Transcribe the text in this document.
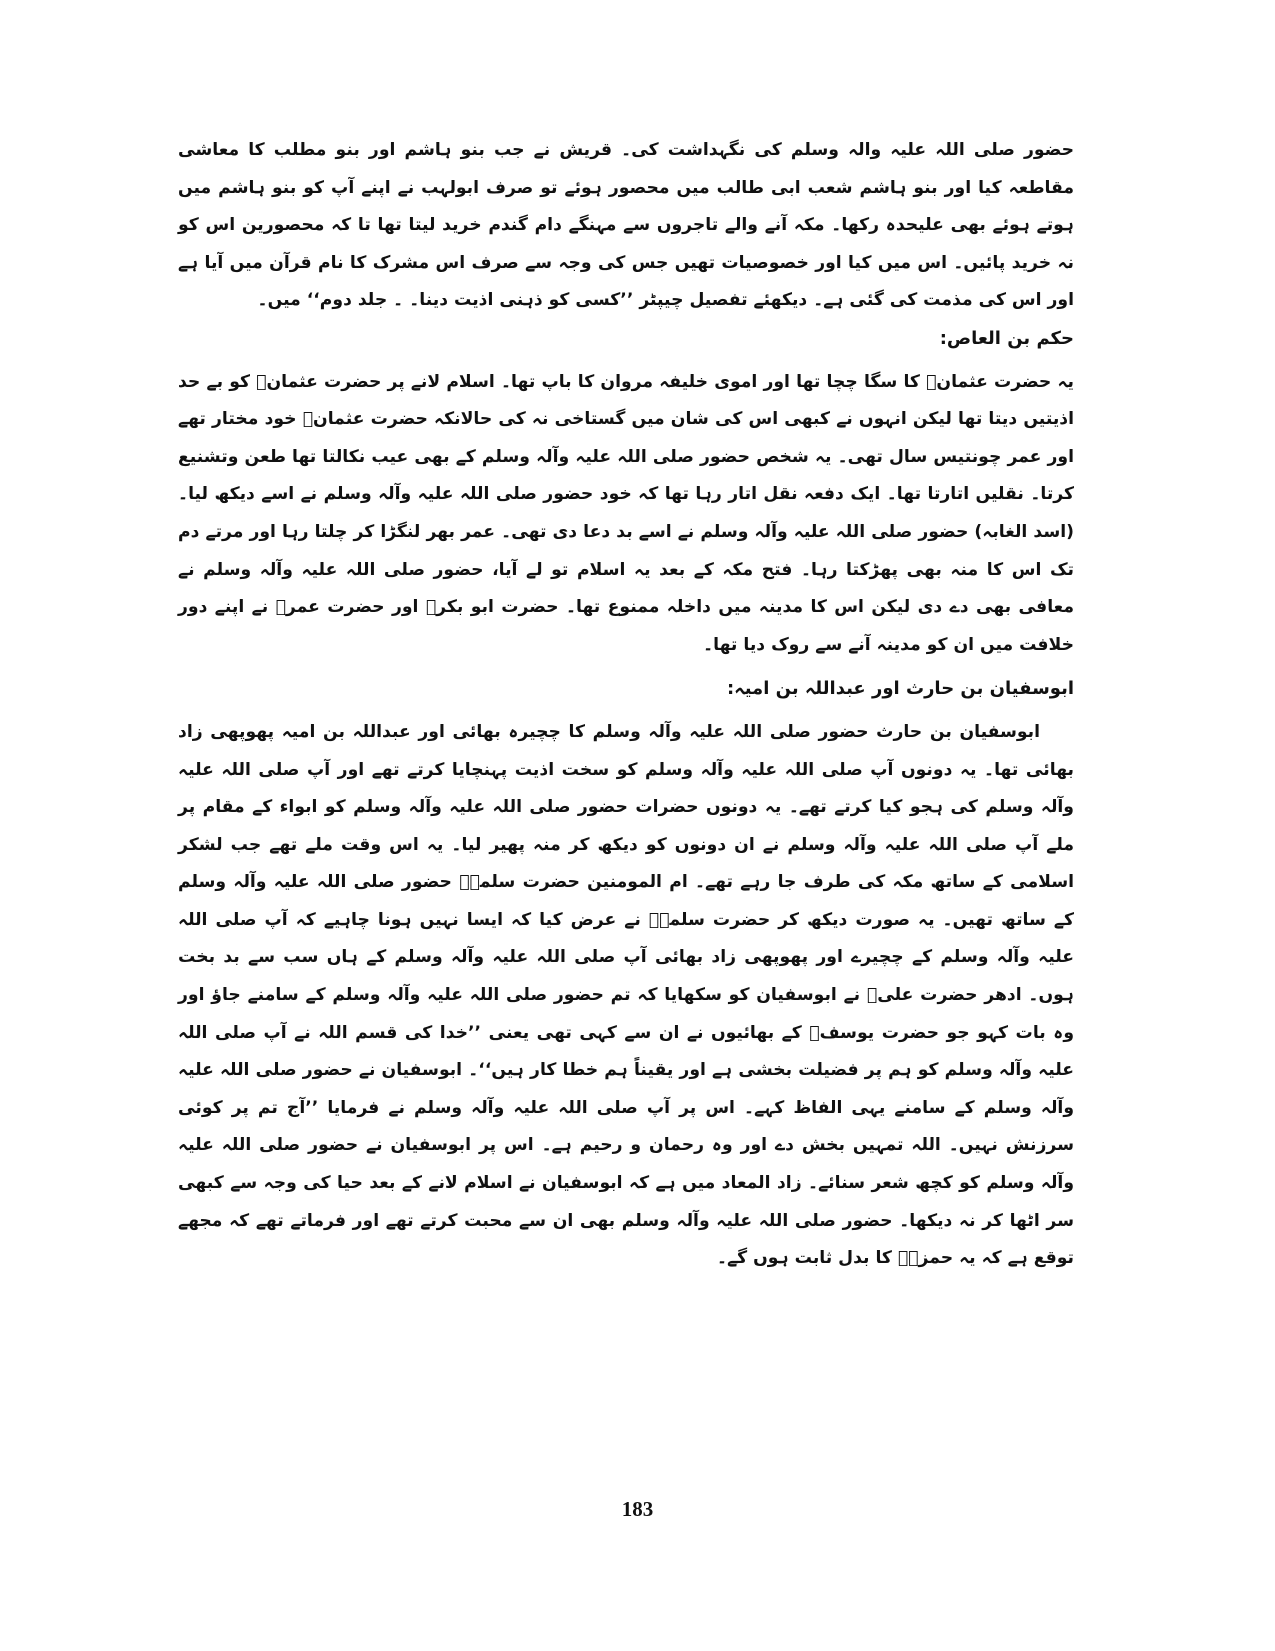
حضور صلی اللہ علیہ والہ وسلم کی نگہداشت کی۔ قریش نے جب بنو ہاشم اور بنو مطلب کا معاشی مقاطعہ کیا اور بنو ہاشم شعب ابی طالب میں محصور ہوئے تو صرف ابولہب نے اپنے آپ کو بنو ہاشم میں ہوتے ہوئے بھی علیحدہ رکھا۔ مکہ آنے والے تاجروں سے مہنگے دام گندم خرید لیتا تھا تا کہ محصورین اس کو نہ خرید پائیں۔ اس میں کیا اور خصوصیات تھیں جس کی وجہ سے صرف اس مشرک کا نام قرآن میں آیا ہے اور اس کی مذمت کی گئی ہے۔ دیکھئے تفصیل چیپٹر ’’کسی کو ذہنی اذیت دینا۔ ۔ جلد دوم‘‘ میں۔

حکم بن العاص:

یہ حضرت عثمانؓ کا سگا چچا تھا اور اموی خلیفہ مروان کا باپ تھا۔ اسلام لانے پر حضرت عثمانؓ کو بے حد اذیتیں دیتا تھا لیکن انہوں نے کبھی اس کی شان میں گستاخی نہ کی حالانکہ حضرت عثمانؓ خود مختار تھے اور عمر چونتیس سال تھی۔ یہ شخص حضور صلی اللہ علیہ وآلہ وسلم کے بھی عیب نکالتا تھا طعن وتشنیع کرتا۔ نقلیں اتارتا تھا۔ ایک دفعہ نقل اتار رہا تھا کہ خود حضور صلی اللہ علیہ وآلہ وسلم نے اسے دیکھ لیا۔ (اسد الغابہ) حضور صلی اللہ علیہ وآلہ وسلم نے اسے بد دعا دی تھی۔ عمر بھر لنگڑا کر چلتا رہا اور مرتے دم تک اس کا منہ بھی پھڑکتا رہا۔ فتح مکہ کے بعد یہ اسلام تو لے آیا، حضور صلی اللہ علیہ وآلہ وسلم نے معافی بھی دے دی لیکن اس کا مدینہ میں داخلہ ممنوع تھا۔ حضرت ابو بکرؓ اور حضرت عمرؓ نے اپنے دور خلافت میں ان کو مدینہ آنے سے روک دیا تھا۔

ابوسفیان بن حارث اور عبداللہ بن امیہ:

ابوسفیان بن حارث حضور صلی اللہ علیہ وآلہ وسلم کا چچیرہ بھائی اور عبداللہ بن امیہ پھوپھی زاد بھائی تھا۔ یہ دونوں آپ صلی اللہ علیہ وآلہ وسلم کو سخت اذیت پہنچایا کرتے تھے اور آپ صلی اللہ علیہ وآلہ وسلم کی ہجو کیا کرتے تھے۔ یہ دونوں حضرات حضور صلی اللہ علیہ وآلہ وسلم کو ابواء کے مقام پر ملے آپ صلی اللہ علیہ وآلہ وسلم نے ان دونوں کو دیکھ کر منہ پھیر لیا۔ یہ اس وقت ملے تھے جب لشکر اسلامی کے ساتھ مکہ کی طرف جا رہے تھے۔ ام المومنین حضرت سلمہؓ حضور صلی اللہ علیہ وآلہ وسلم کے ساتھ تھیں۔ یہ صورت دیکھ کر حضرت سلمہؓ نے عرض کیا کہ ایسا نہیں ہونا چاہیے کہ آپ صلی اللہ علیہ وآلہ وسلم کے چچیرے اور پھوپھی زاد بھائی آپ صلی اللہ علیہ وآلہ وسلم کے ہاں سب سے بد بخت ہوں۔ ادھر حضرت علیؓ نے ابوسفیان کو سکھایا کہ تم حضور صلی اللہ علیہ وآلہ وسلم کے سامنے جاؤ اور وہ بات کہو جو حضرت یوسفؑ کے بھائیوں نے ان سے کہی تھی یعنی ’’خدا کی قسم اللہ نے آپ صلی اللہ علیہ وآلہ وسلم کو ہم پر فضیلت بخشی ہے اور یقیناً ہم خطا کار ہیں‘‘۔ ابوسفیان نے حضور صلی اللہ علیہ وآلہ وسلم کے سامنے یہی الفاظ کہے۔ اس پر آپ صلی اللہ علیہ وآلہ وسلم نے فرمایا ’’آج تم پر کوئی سرزنش نہیں۔ اللہ تمہیں بخش دے اور وہ رحمان و رحیم ہے۔ اس پر ابوسفیان نے حضور صلی اللہ علیہ وآلہ وسلم کو کچھ شعر سنائے۔ زاد المعاد میں ہے کہ ابوسفیان نے اسلام لانے کے بعد حیا کی وجہ سے کبھی سر اٹھا کر نہ دیکھا۔ حضور صلی اللہ علیہ وآلہ وسلم بھی ان سے محبت کرتے تھے اور فرماتے تھے کہ مجھے توقع ہے کہ یہ حمزہؓ کا بدل ثابت ہوں گے۔

183
